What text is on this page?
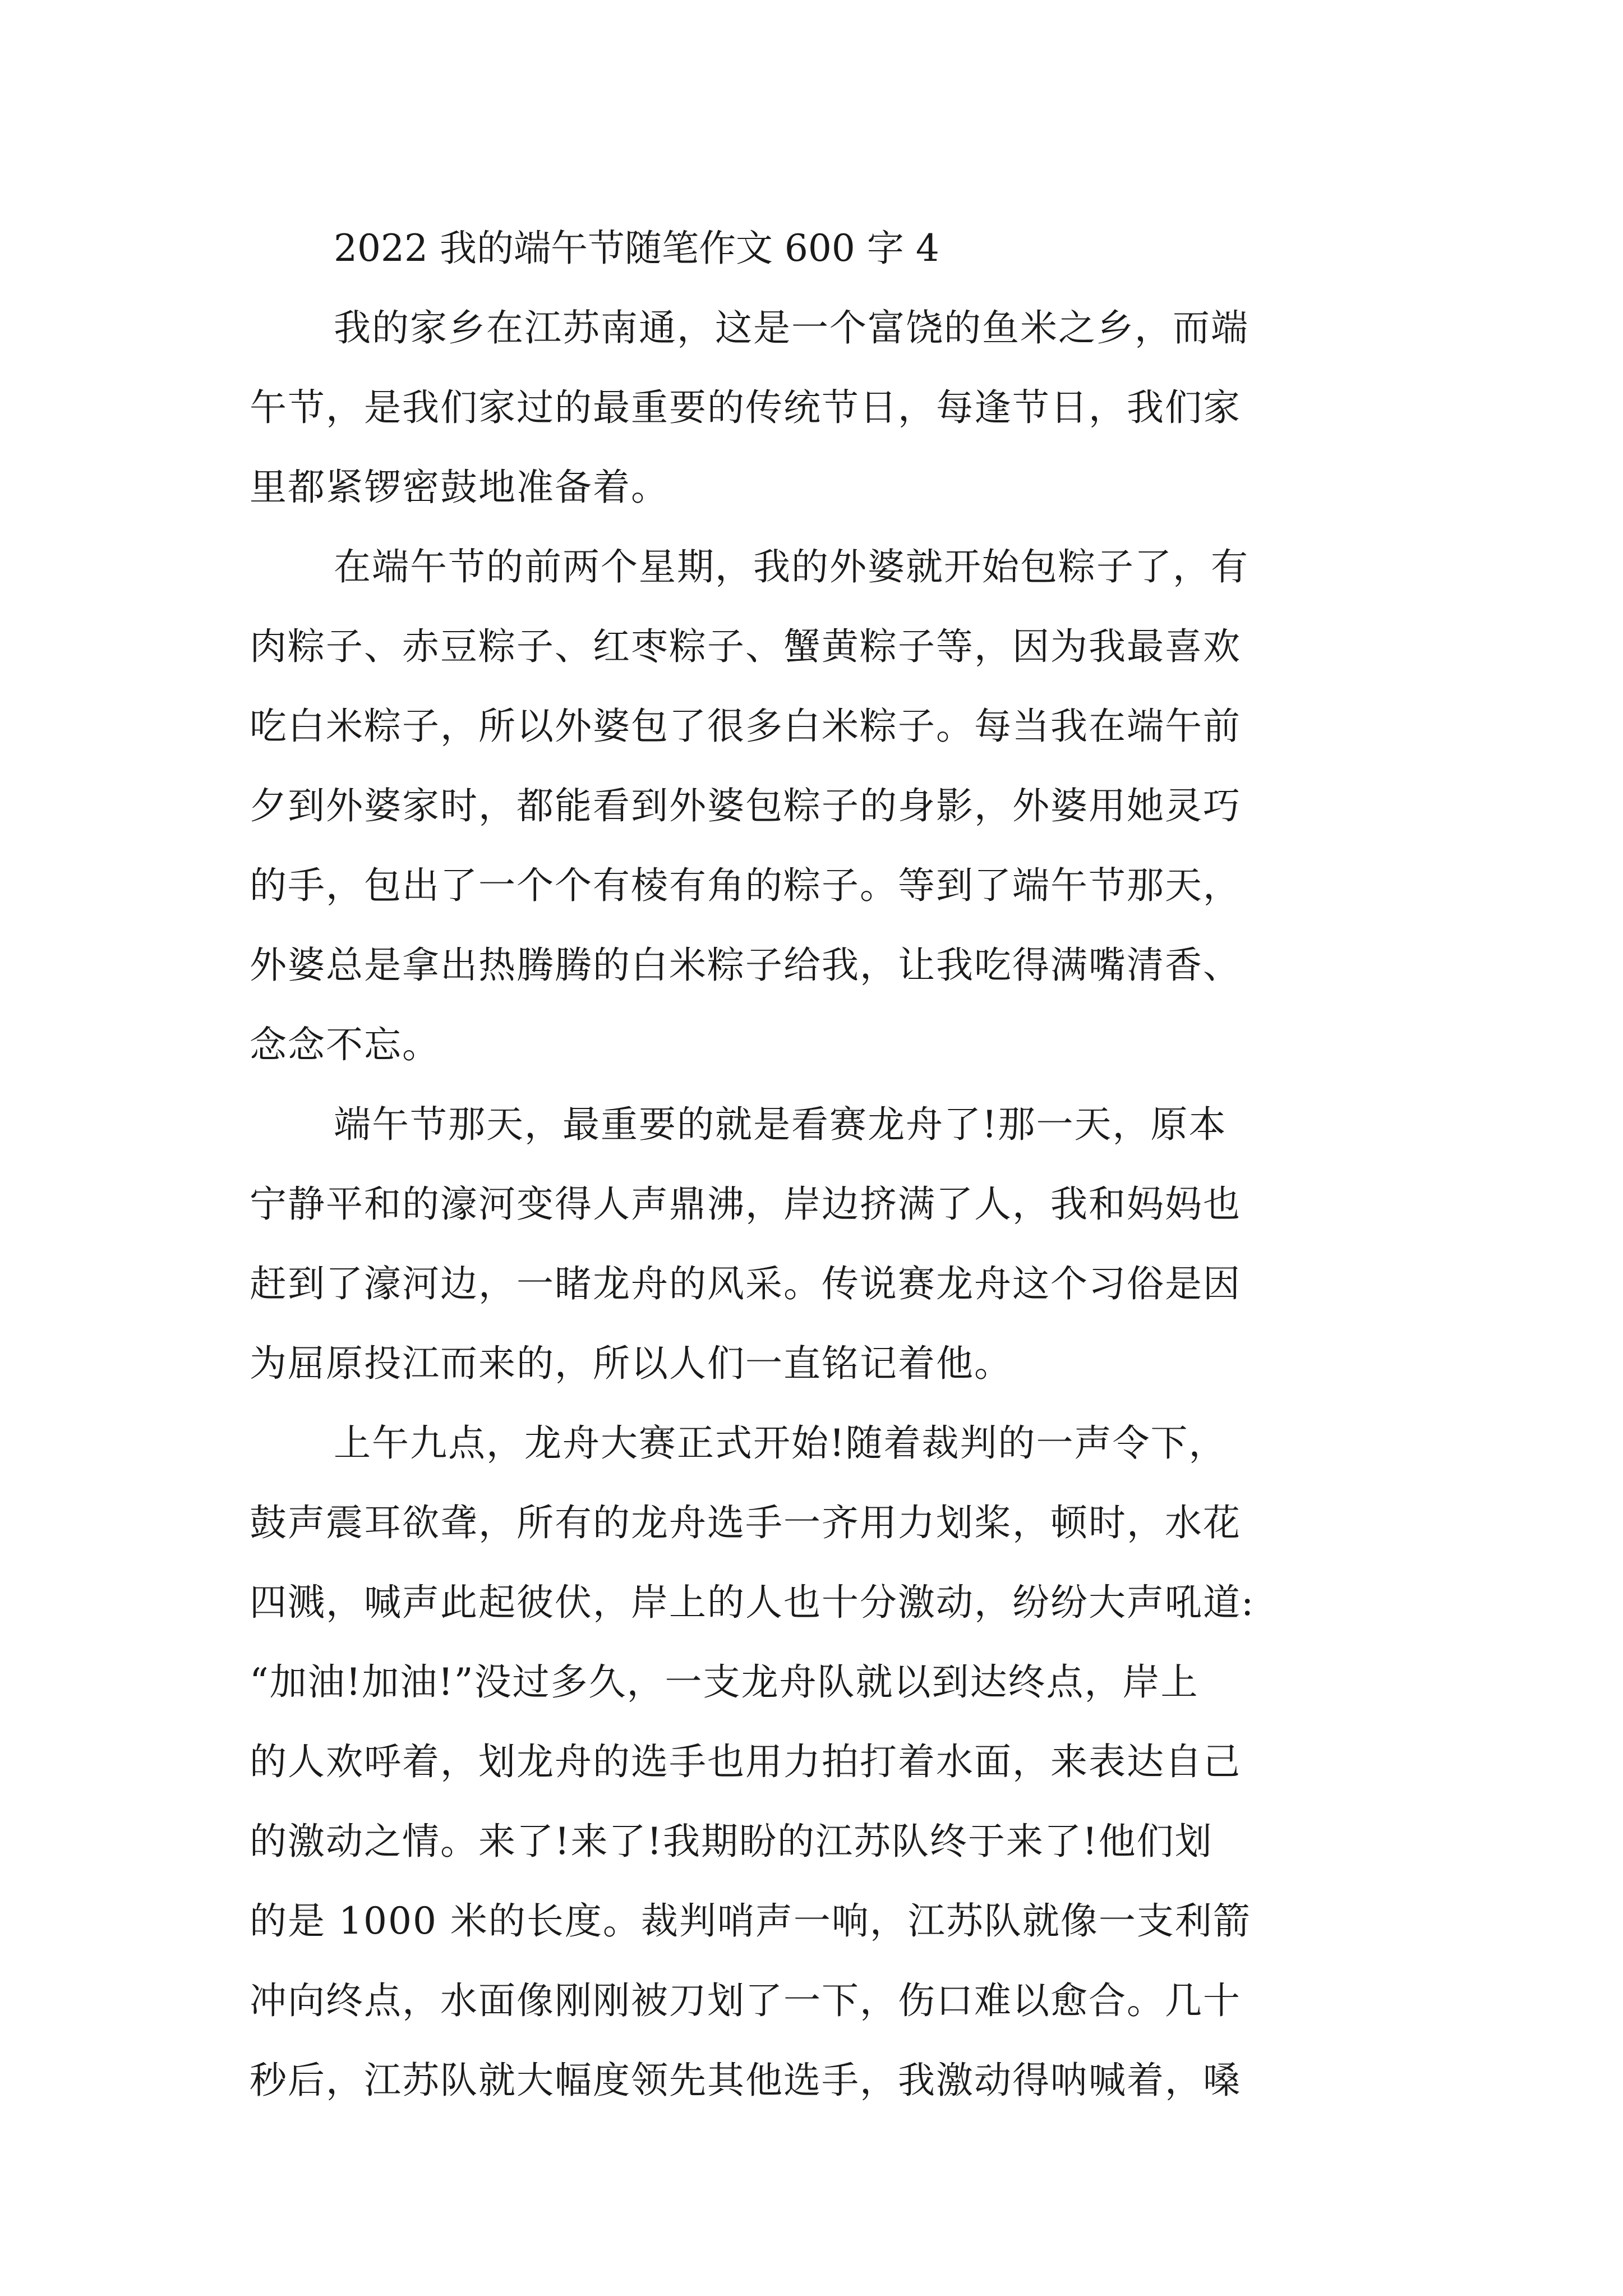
2022 我的端午节随笔作文 600 字 4
我的家乡在江苏南通，这是一个富饶的鱼米之乡，而端
午节，是我们家过的最重要的传统节日，每逢节日，我们家
里都紧锣密鼓地准备着。
在端午节的前两个星期，我的外婆就开始包粽子了，有
肉粽子、赤豆粽子、红枣粽子、蟹黄粽子等，因为我最喜欢
吃白米粽子，所以外婆包了很多白米粽子。每当我在端午前
夕到外婆家时，都能看到外婆包粽子的身影，外婆用她灵巧
的手，包出了一个个有棱有角的粽子。等到了端午节那天，
外婆总是拿出热腾腾的白米粽子给我，让我吃得满嘴清香、
念念不忘。
端午节那天，最重要的就是看赛龙舟了!那一天，原本
宁静平和的濠河变得人声鼎沸，岸边挤满了人，我和妈妈也
赶到了濠河边，一睹龙舟的风采。传说赛龙舟这个习俗是因
为屈原投江而来的，所以人们一直铭记着他。
上午九点，龙舟大赛正式开始!随着裁判的一声令下，
鼓声震耳欲聋，所有的龙舟选手一齐用力划桨，顿时，水花
四溅，喊声此起彼伏，岸上的人也十分激动，纷纷大声吼道:
“加油!加油!”没过多久，一支龙舟队就以到达终点，岸上
的人欢呼着，划龙舟的选手也用力拍打着水面，来表达自己
的激动之情。来了!来了!我期盼的江苏队终于来了!他们划
的是 1000 米的长度。裁判哨声一响，江苏队就像一支利箭
冲向终点，水面像刚刚被刀划了一下，伤口难以愈合。几十
秒后，江苏队就大幅度领先其他选手，我激动得呐喊着，嗓
